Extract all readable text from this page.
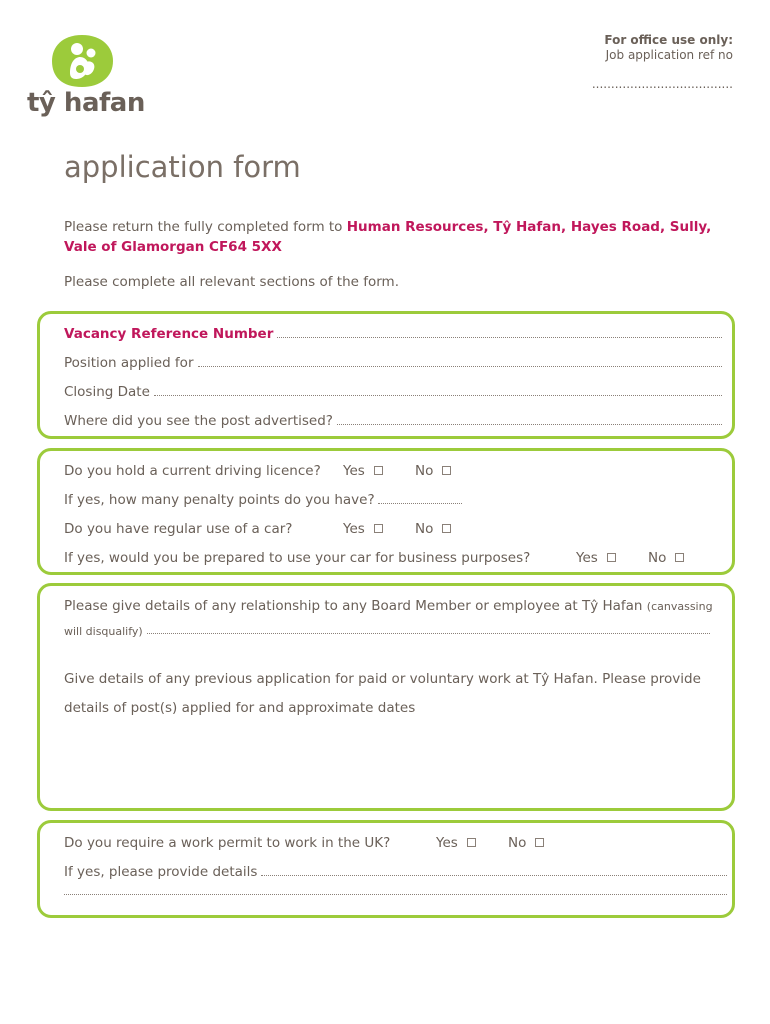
tŷ hafan
For office use only:
Job application ref no
.....................................
application form
Please return the fully completed form to Human Resources, Tŷ Hafan, Hayes Road, Sully,
Vale of Glamorgan CF64 5XX
Please complete all relevant sections of the form.
Vacancy Reference Number
Position applied for
Closing Date
Where did you see the post advertised?
Do you hold a current driving licence? Yes	No
If yes, how many penalty points do you have?
Do you have regular use of a car?	Yes	No
If yes, would you be prepared to use your car for business purposes?	Yes	No
Please give details of any relationship to any Board Member or employee at Tŷ Hafan (canvassing
will disqualify)
Give details of any previous application for paid or voluntary work at Tŷ Hafan. Please provide
details of post(s) applied for and approximate dates
Do you require a work permit to work in the UK?	Yes	No
If yes, please provide details
